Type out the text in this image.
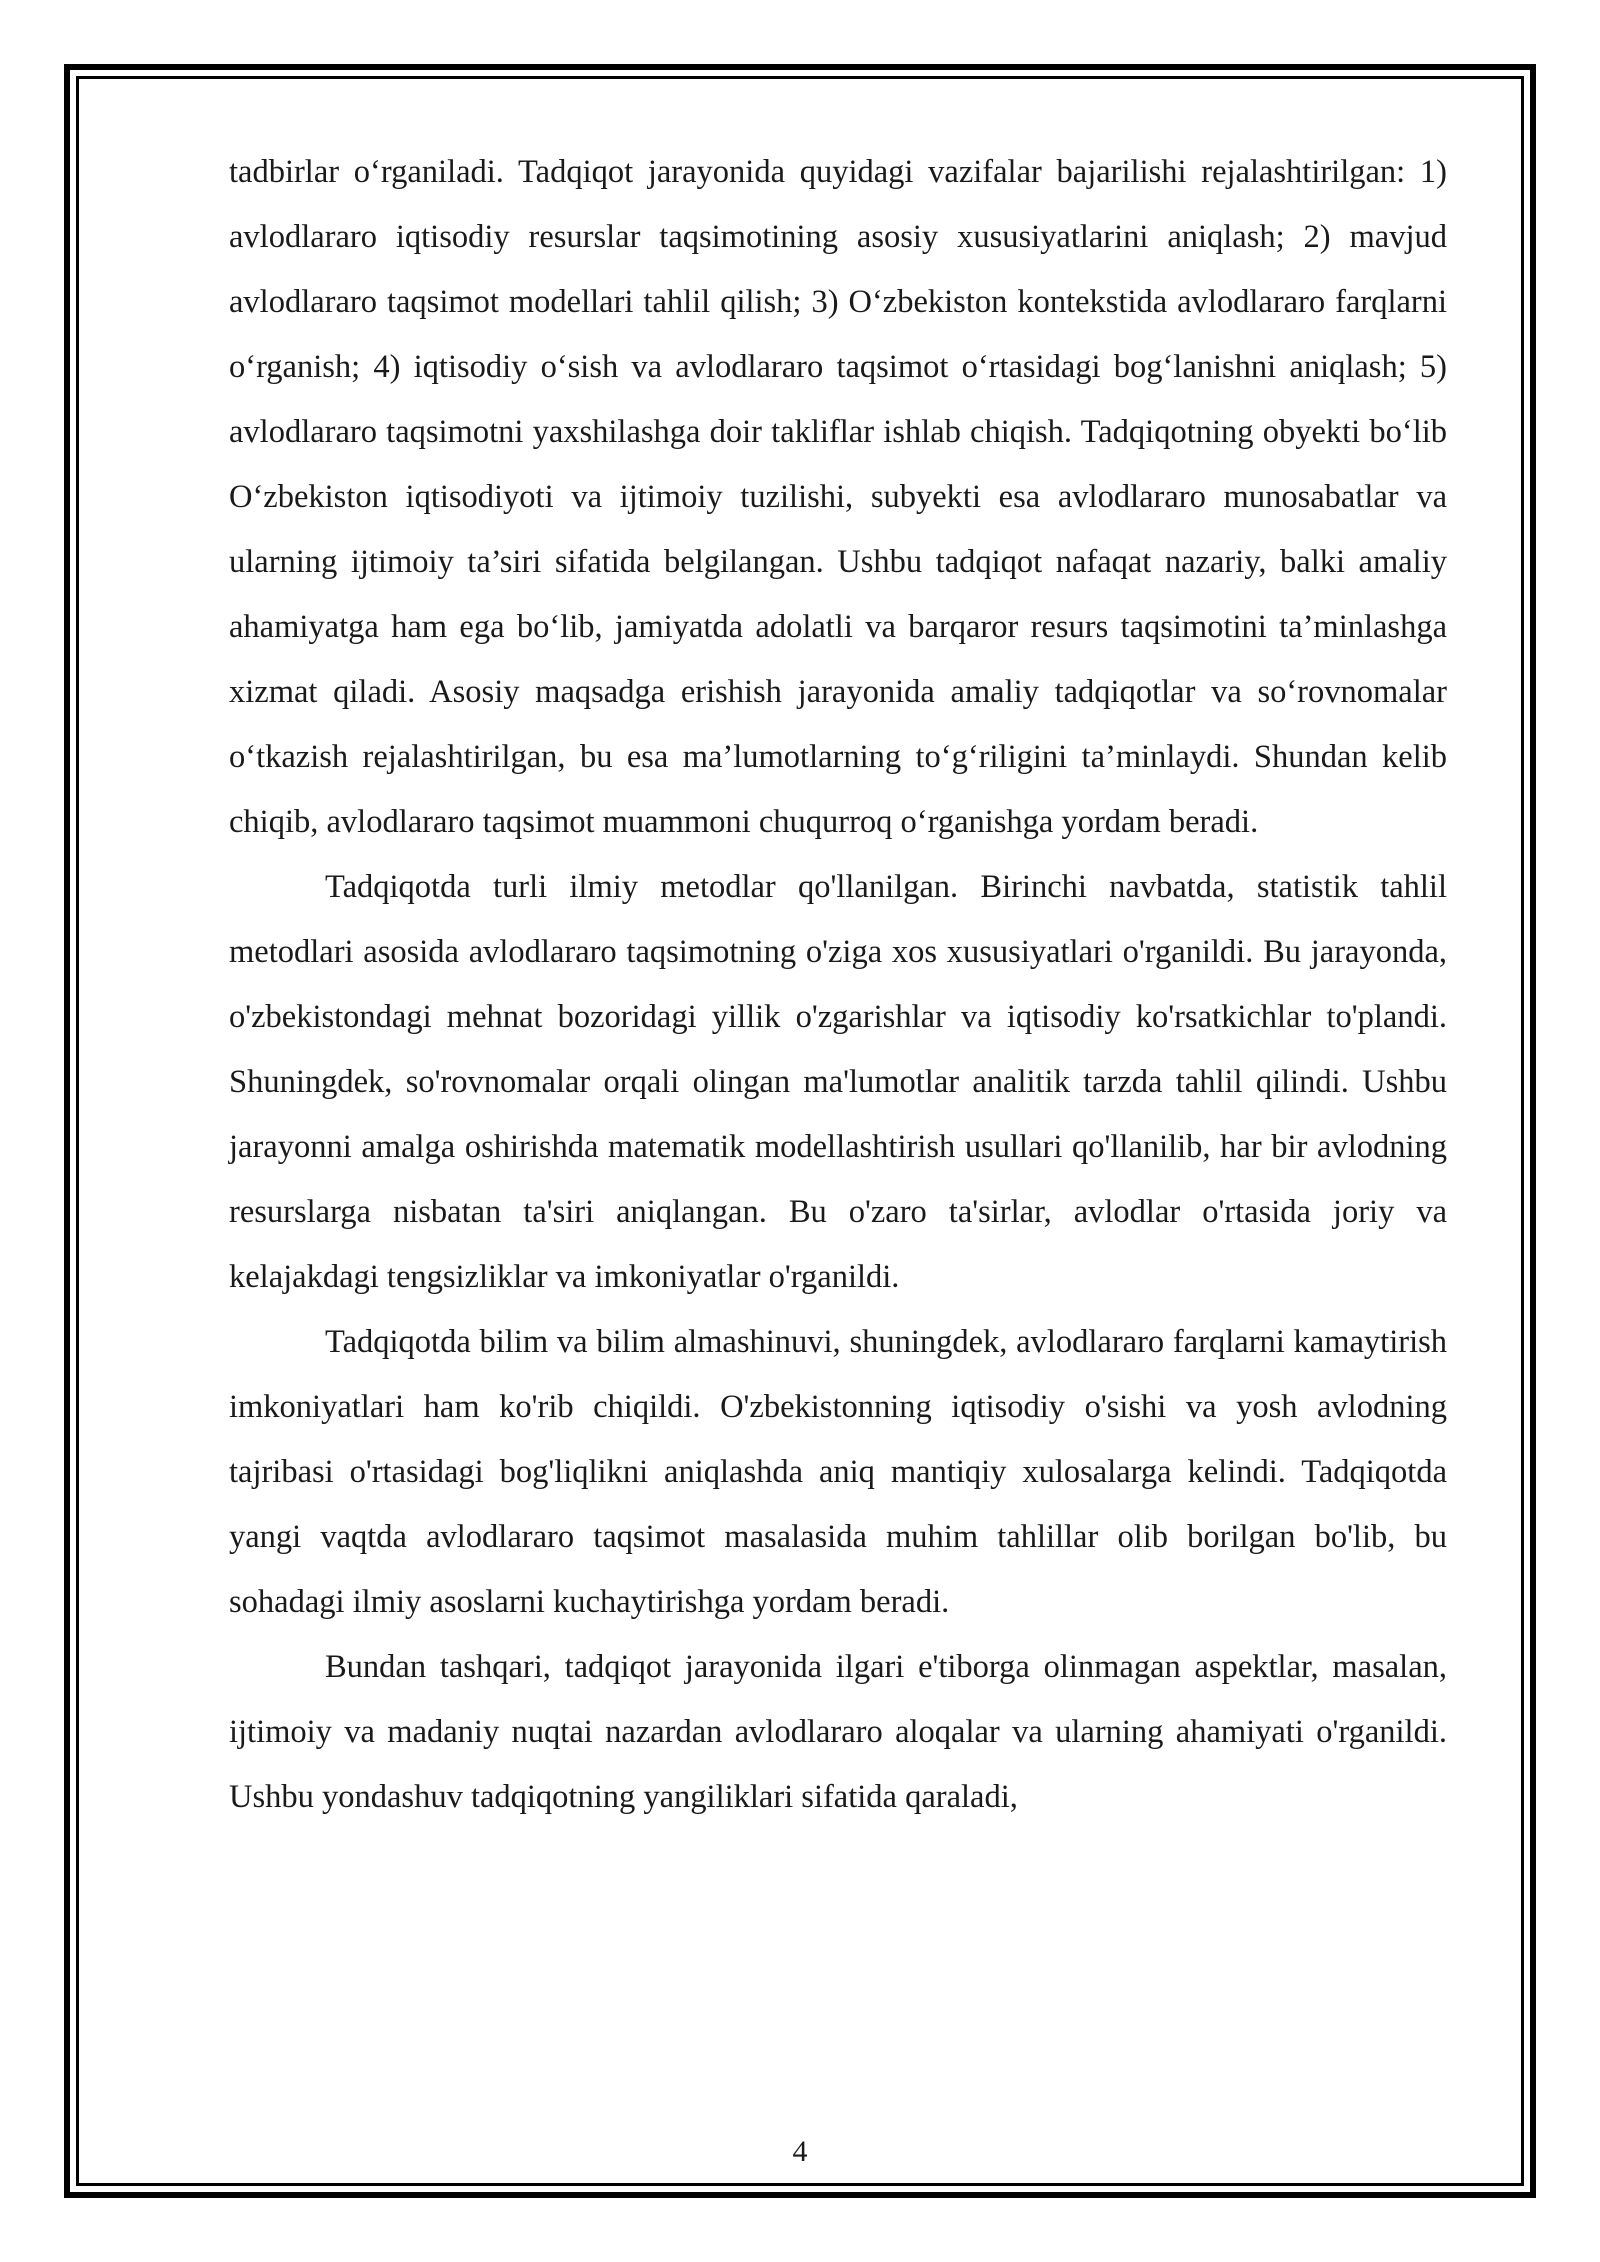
tadbirlar o‘rganiladi. Tadqiqot jarayonida quyidagi vazifalar bajarilishi rejalashtirilgan: 1) avlodlararo iqtisodiy resurslar taqsimotining asosiy xususiyatlarini aniqlash; 2) mavjud avlodlararo taqsimot modellari tahlil qilish; 3) O‘zbekiston kontekstida avlodlararo farqlarni o‘rganish; 4) iqtisodiy o‘sish va avlodlararo taqsimot o‘rtasidagi bog‘lanishni aniqlash; 5) avlodlararo taqsimotni yaxshilashga doir takliflar ishlab chiqish. Tadqiqotning obyekti bo‘lib O‘zbekiston iqtisodiyoti va ijtimoiy tuzilishi, subyekti esa avlodlararo munosabatlar va ularning ijtimoiy ta’siri sifatida belgilangan. Ushbu tadqiqot nafaqat nazariy, balki amaliy ahamiyatga ham ega bo‘lib, jamiyatda adolatli va barqaror resurs taqsimotini ta’minlashga xizmat qiladi. Asosiy maqsadga erishish jarayonida amaliy tadqiqotlar va so‘rovnomalar o‘tkazish rejalashtirilgan, bu esa ma’lumotlarning to‘g‘riligini ta’minlaydi. Shundan kelib chiqib, avlodlararo taqsimot muammoni chuqurroq o‘rganishga yordam beradi.

Tadqiqotda turli ilmiy metodlar qo'llanilgan. Birinchi navbatda, statistik tahlil metodlari asosida avlodlararo taqsimotning o'ziga xos xususiyatlari o'rganildi. Bu jarayonda, o'zbekistondagi mehnat bozoridagi yillik o'zgarishlar va iqtisodiy ko'rsatkichlar to'plandi. Shuningdek, so'rovnomalar orqali olingan ma'lumotlar analitik tarzda tahlil qilindi. Ushbu jarayonni amalga oshirishda matematik modellashtirish usullari qo'llanilib, har bir avlodning resurslarga nisbatan ta'siri aniqlangan. Bu o'zaro ta'sirlar, avlodlar o'rtasida joriy va kelajakdagi tengsizliklar va imkoniyatlar o'rganildi.

Tadqiqotda bilim va bilim almashinuvi, shuningdek, avlodlararo farqlarni kamaytirish imkoniyatlari ham ko'rib chiqildi. O'zbekistonning iqtisodiy o'sishi va yosh avlodning tajribasi o'rtasidagi bog'liqlikni aniqlashda aniq mantiqiy xulosalarga kelindi. Tadqiqotda yangi vaqtda avlodlararo taqsimot masalasida muhim tahlillar olib borilgan bo'lib, bu sohadagi ilmiy asoslarni kuchaytirishga yordam beradi.

Bundan tashqari, tadqiqot jarayonida ilgari e'tiborga olinmagan aspektlar, masalan, ijtimoiy va madaniy nuqtai nazardan avlodlararo aloqalar va ularning ahamiyati o'rganildi. Ushbu yondashuv tadqiqotning yangiliklari sifatida qaraladi,

4
